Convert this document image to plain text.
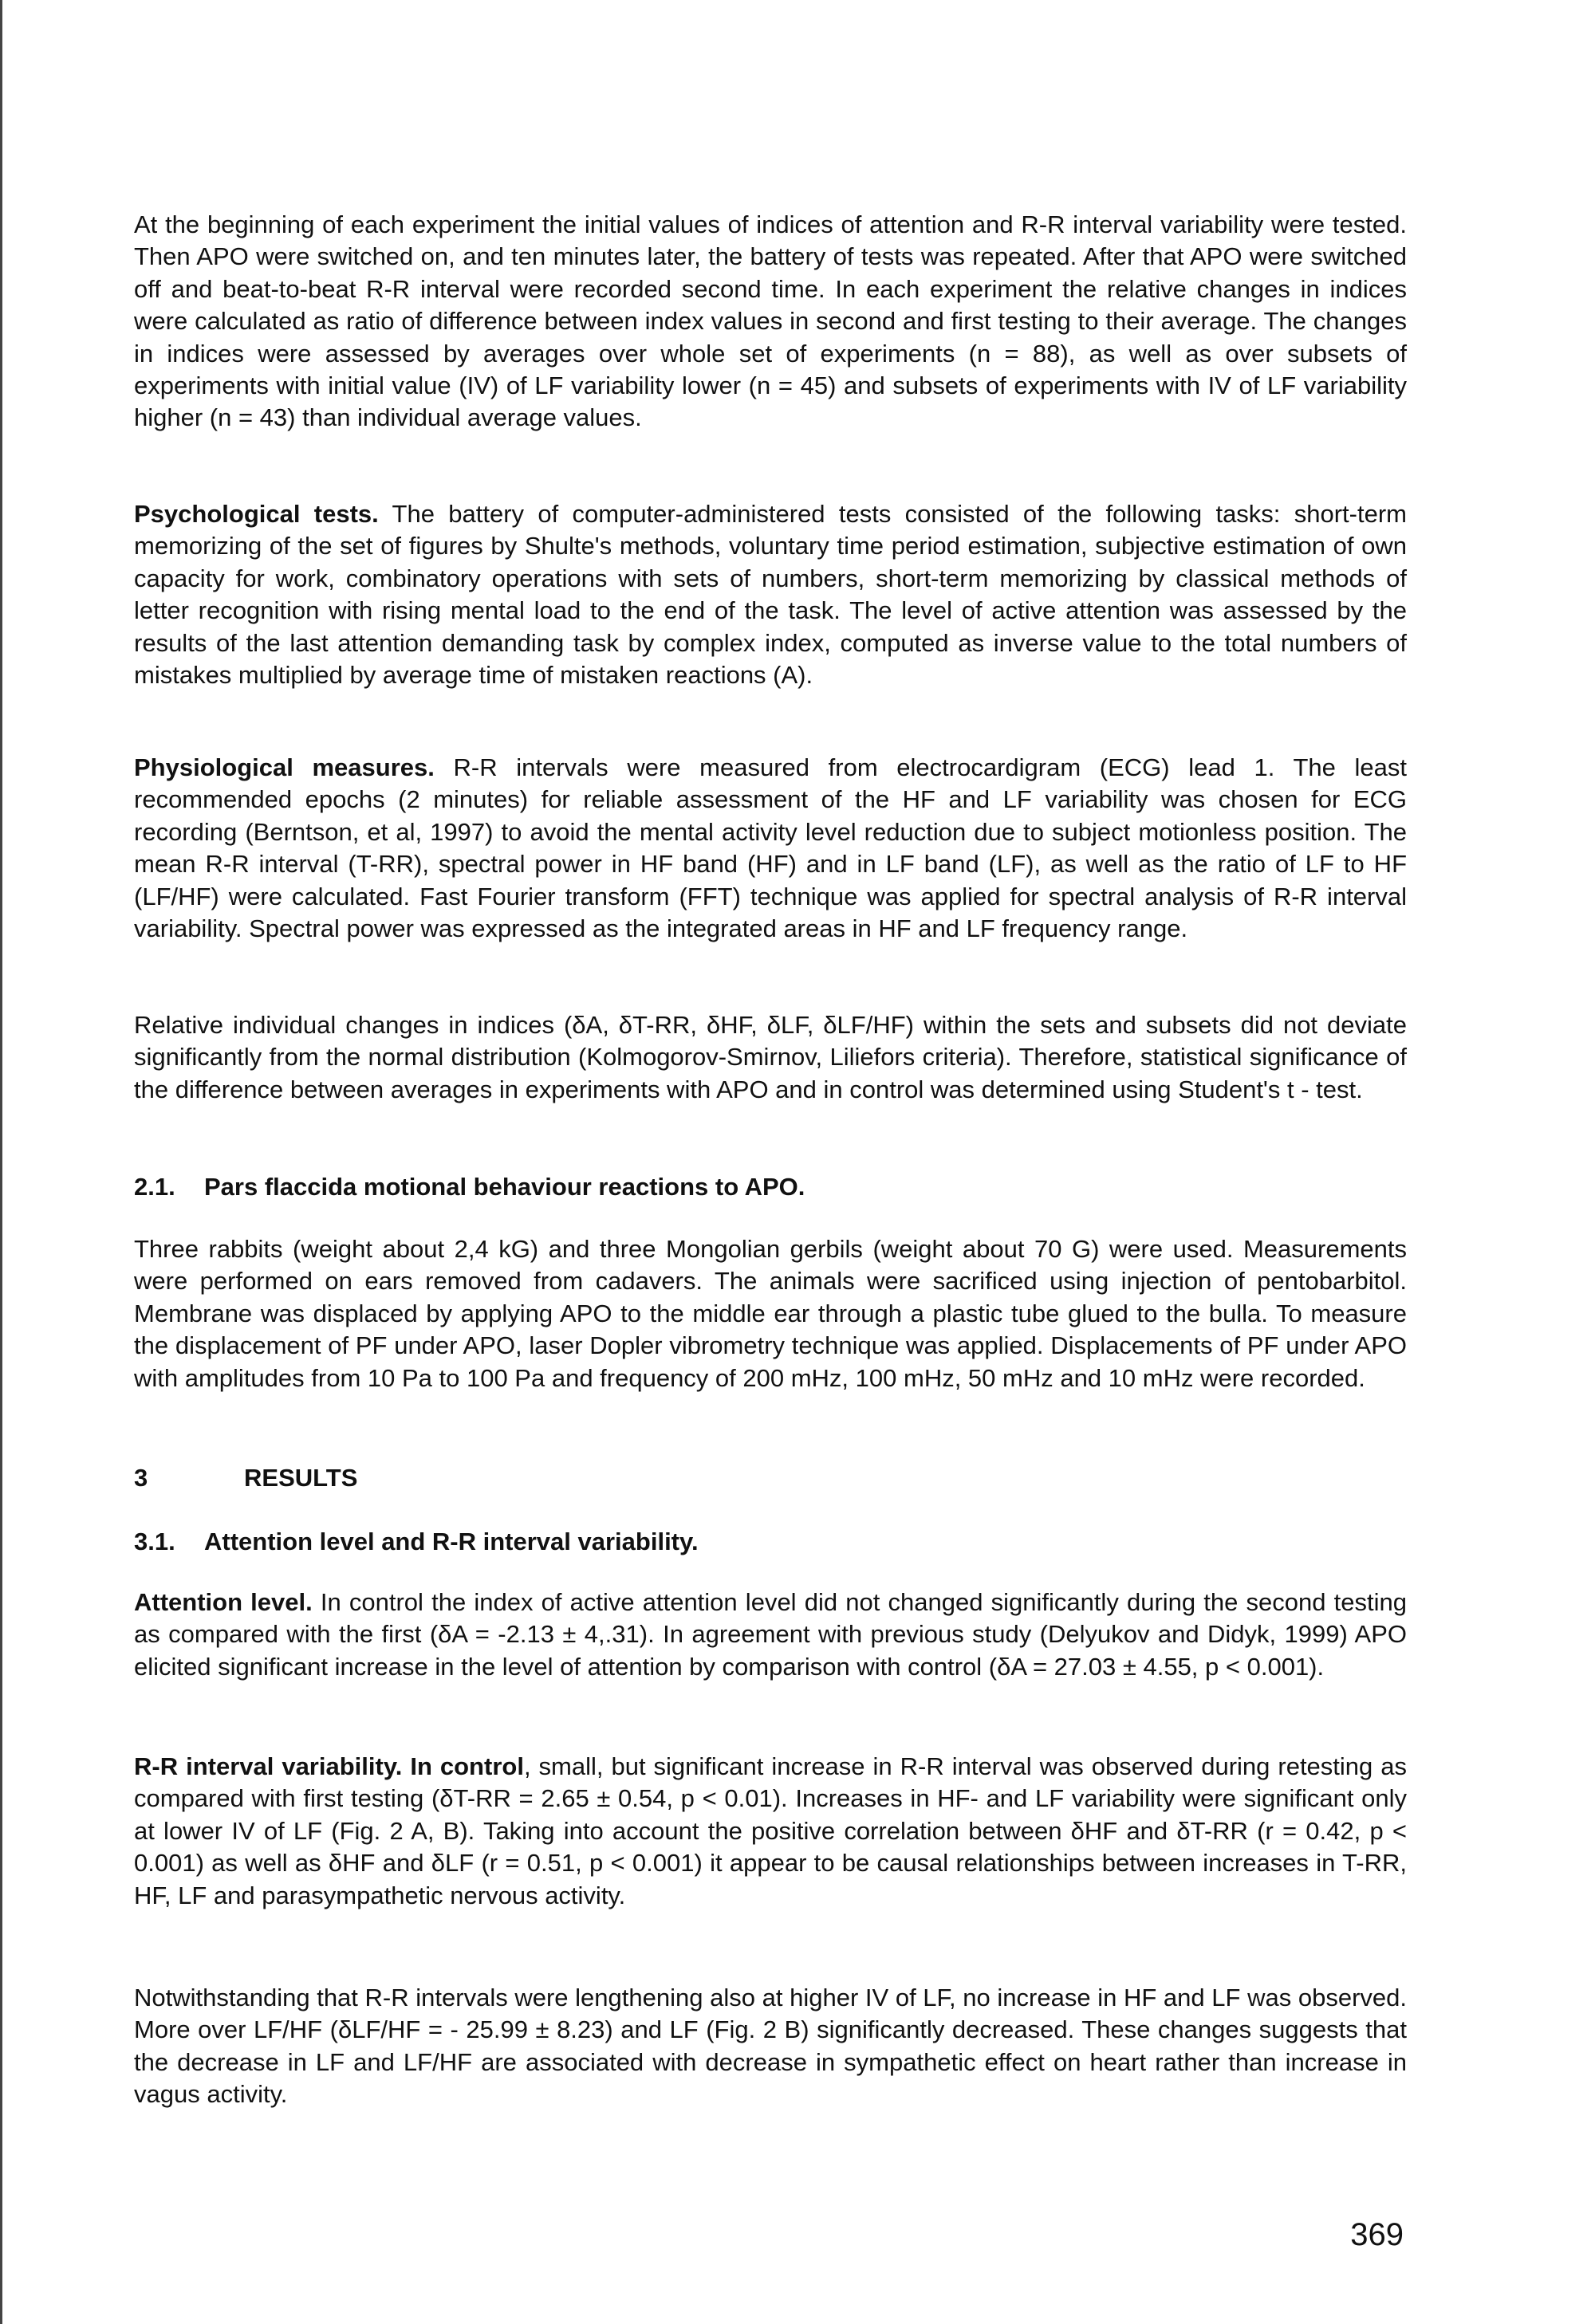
At the beginning of each experiment the initial values of indices of attention and R-R interval variability were tested. Then APO were switched on, and ten minutes later, the battery of tests was repeated. After that APO were switched off and beat-to-beat R-R interval were recorded second time. In each experiment the relative changes in indices were calculated as ratio of difference between index values in second and first testing to their average. The changes in indices were assessed by averages over whole set of experiments (n = 88), as well as over subsets of experiments with initial value (IV) of LF variability lower (n = 45) and subsets of experiments with IV of LF variability higher (n = 43) than individual average values.

Psychological tests. The battery of computer-administered tests consisted of the following tasks: short-term memorizing of the set of figures by Shulte's methods, voluntary time period estimation, subjective estimation of own capacity for work, combinatory operations with sets of numbers, short-term memorizing by classical methods of letter recognition with rising mental load to the end of the task. The level of active attention was assessed by the results of the last attention demanding task by complex index, computed as inverse value to the total numbers of mistakes multiplied by average time of mistaken reactions (A).

Physiological measures. R-R intervals were measured from electrocardigram (ECG) lead 1. The least recommended epochs (2 minutes) for reliable assessment of the HF and LF variability was chosen for ECG recording (Berntson, et al, 1997) to avoid the mental activity level reduction due to subject motionless position. The mean R-R interval (T-RR), spectral power in HF band (HF) and in LF band (LF), as well as the ratio of LF to HF (LF/HF) were calculated. Fast Fourier transform (FFT) technique was applied for spectral analysis of R-R interval variability. Spectral power was expressed as the integrated areas in HF and LF frequency range.

Relative individual changes in indices (δA, δT-RR, δHF, δLF, δLF/HF) within the sets and subsets did not deviate significantly from the normal distribution (Kolmogorov-Smirnov, Liliefors criteria). Therefore, statistical significance of the difference between averages in experiments with APO and in control was determined using Student's t - test.

2.1. Pars flaccida motional behaviour reactions to APO.

Three rabbits (weight about 2,4 kG) and three Mongolian gerbils (weight about 70 G) were used. Measurements were performed on ears removed from cadavers. The animals were sacrificed using injection of pentobarbitol. Membrane was displaced by applying APO to the middle ear through a plastic tube glued to the bulla. To measure the displacement of PF under APO, laser Dopler vibrometry technique was applied. Displacements of PF under APO with amplitudes from 10 Pa to 100 Pa and frequency of 200 mHz, 100 mHz, 50 mHz and 10 mHz were recorded.

3	RESULTS
3.1. Attention level and R-R interval variability.

Attention level. In control the index of active attention level did not changed significantly during the second testing as compared with the first (δA = -2.13 ± 4,.31). In agreement with previous study (Delyukov and Didyk, 1999) APO elicited significant increase in the level of attention by comparison with control (δA = 27.03 ± 4.55, p < 0.001).

R-R interval variability. In control, small, but significant increase in R-R interval was observed during retesting as compared with first testing (δT-RR = 2.65 ± 0.54, p < 0.01). Increases in HF- and LF variability were significant only at lower IV of LF (Fig. 2 A, B). Taking into account the positive correlation between δHF and δT-RR (r = 0.42, p < 0.001) as well as δHF and δLF (r = 0.51, p < 0.001) it appear to be causal relationships between increases in T-RR, HF, LF and parasympathetic nervous activity.

Notwithstanding that R-R intervals were lengthening also at higher IV of LF, no increase in HF and LF was observed. More over LF/HF (δLF/HF = - 25.99 ± 8.23) and LF (Fig. 2 B) significantly decreased. These changes suggests that the decrease in LF and LF/HF are associated with decrease in sympathetic effect on heart rather than increase in vagus activity.

369
